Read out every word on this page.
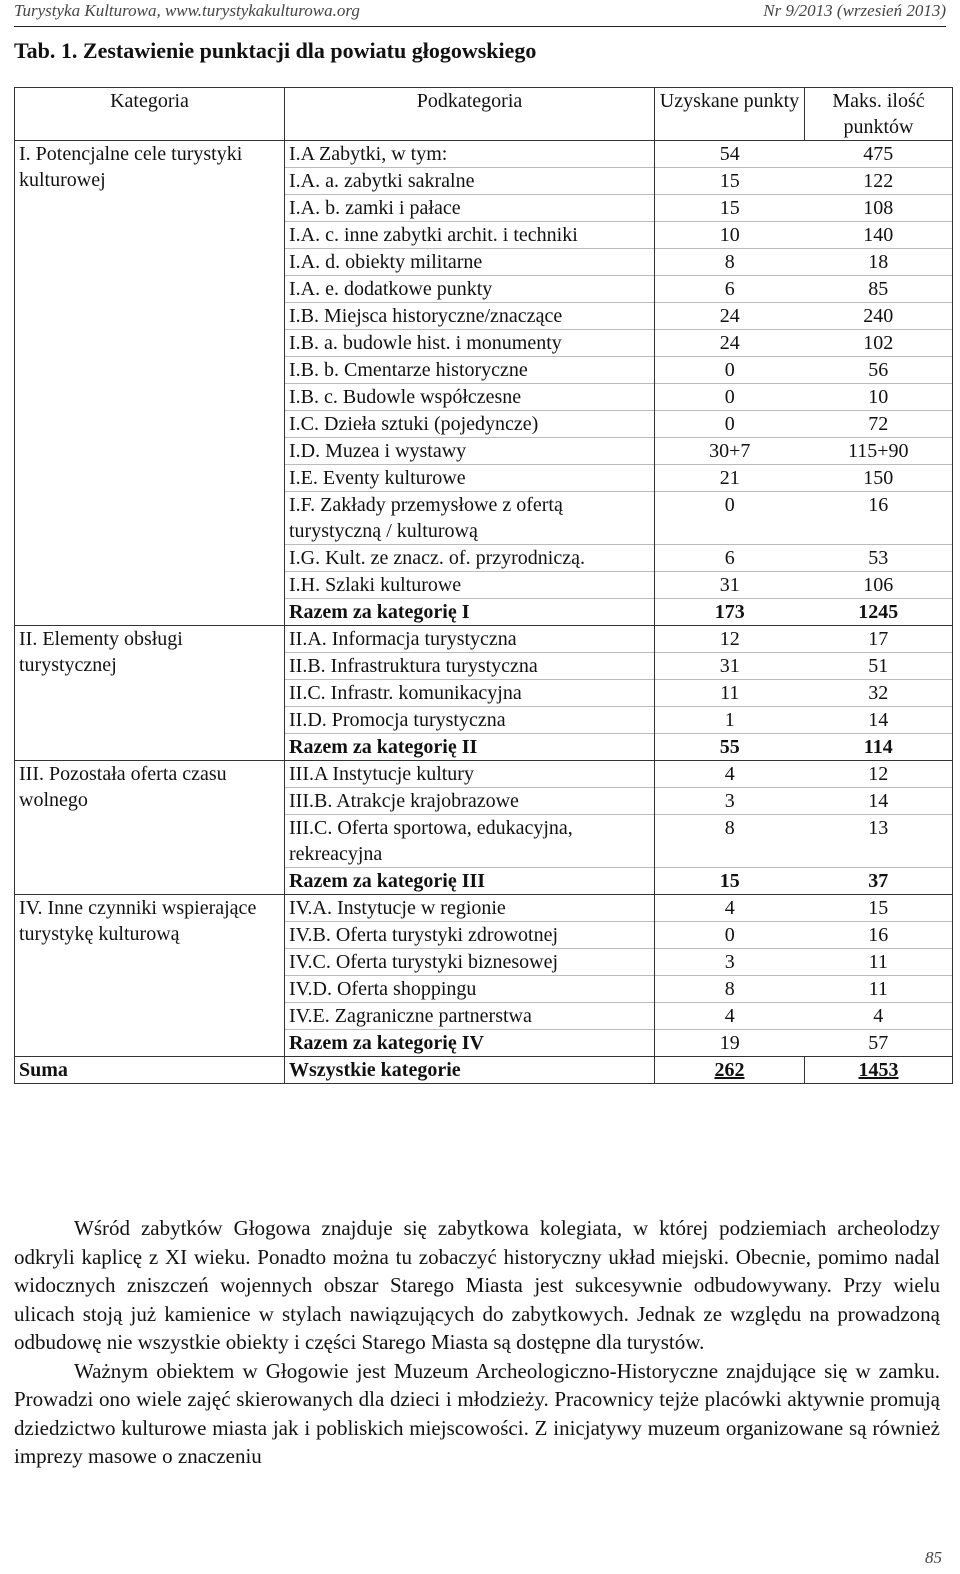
Turystyka Kulturowa, www.turystykakulturowa.org	Nr 9/2013 (wrzesień 2013)
Tab. 1. Zestawienie punktacji dla powiatu głogowskiego
Kategoria	Podkategoria	Uzyskane punkty	Maks. ilość punktów
I. Potencjalne cele turystyki kulturowej	I.A Zabytki, w tym:	54	475
	I.A. a. zabytki sakralne	15	122
	I.A. b. zamki i pałace	15	108
	I.A. c. inne zabytki archit. i techniki	10	140
	I.A. d. obiekty militarne	8	18
	I.A. e. dodatkowe punkty	6	85
	I.B. Miejsca historyczne/znaczące	24	240
	I.B. a. budowle hist. i monumenty	24	102
	I.B. b. Cmentarze historyczne	0	56
	I.B. c. Budowle współczesne	0	10
	I.C. Dzieła sztuki (pojedyncze)	0	72
	I.D. Muzea i wystawy	30+7	115+90
	I.E. Eventy kulturowe	21	150
	I.F. Zakłady przemysłowe z ofertą turystyczną / kulturową	0	16
	I.G. Kult. ze znacz. of. przyrodniczą.	6	53
	I.H. Szlaki kulturowe	31	106
	Razem za kategorię I	173	1245
II. Elementy obsługi turystycznej	II.A. Informacja turystyczna	12	17
	II.B. Infrastruktura turystyczna	31	51
	II.C. Infrastr. komunikacyjna	11	32
	II.D. Promocja turystyczna	1	14
	Razem za kategorię II	55	114
III. Pozostała oferta czasu wolnego	III.A Instytucje kultury	4	12
	III.B. Atrakcje krajobrazowe	3	14
	III.C. Oferta sportowa, edukacyjna, rekreacyjna	8	13
	Razem za kategorię III	15	37
IV. Inne czynniki wspierające turystykę kulturową	IV.A. Instytucje w regionie	4	15
	IV.B. Oferta turystyki zdrowotnej	0	16
	IV.C. Oferta turystyki biznesowej	3	11
	IV.D. Oferta shoppingu	8	11
	IV.E. Zagraniczne partnerstwa	4	4
	Razem za kategorię IV	19	57
Suma	Wszystkie kategorie	262	1453

Wśród zabytków Głogowa znajduje się zabytkowa kolegiata, w której podziemiach archeolodzy odkryli kaplicę z XI wieku. Ponadto można tu zobaczyć historyczny układ miejski. Obecnie, pomimo nadal widocznych zniszczeń wojennych obszar Starego Miasta jest sukcesywnie odbudowywany. Przy wielu ulicach stoją już kamienice w stylach nawiązujących do zabytkowych. Jednak ze względu na prowadzoną odbudowę nie wszystkie obiekty i części Starego Miasta są dostępne dla turystów.

Ważnym obiektem w Głogowie jest Muzeum Archeologiczno-Historyczne znajdujące się w zamku. Prowadzi ono wiele zajęć skierowanych dla dzieci i młodzieży. Pracownicy tejże placówki aktywnie promują dziedzictwo kulturowe miasta jak i pobliskich miejscowości. Z inicjatywy muzeum organizowane są również imprezy masowe o znaczeniu

85
